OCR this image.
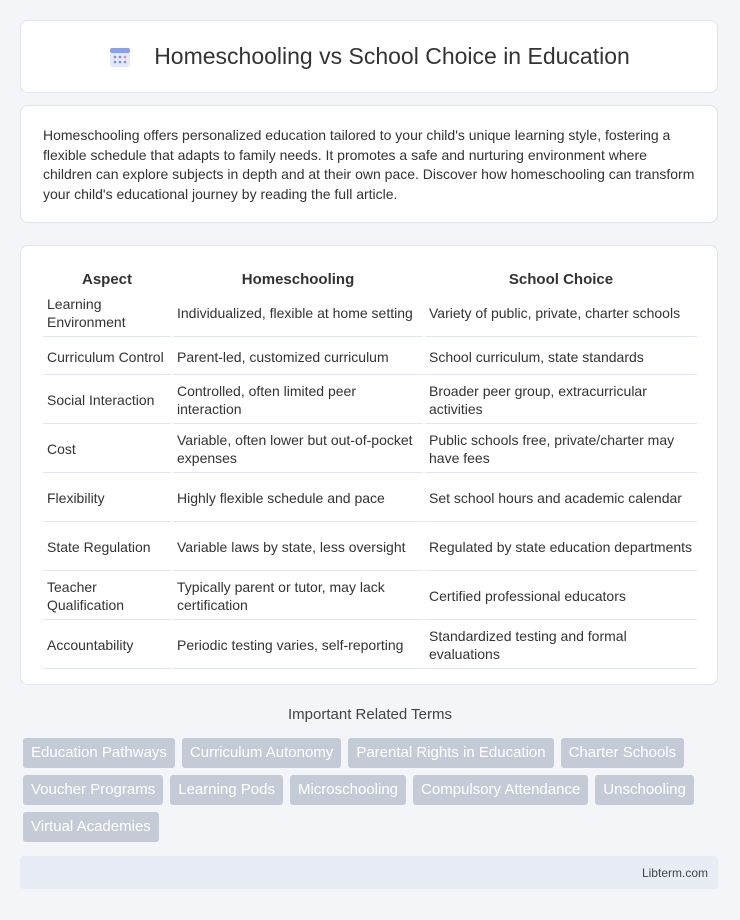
Homeschooling vs School Choice in Education

Homeschooling offers personalized education tailored to your child's unique learning style, fostering a flexible schedule that adapts to family needs. It promotes a safe and nurturing environment where children can explore subjects in depth and at their own pace. Discover how homeschooling can transform your child's educational journey by reading the full article.

Aspect	Homeschooling	School Choice
Learning Environment	Individualized, flexible at home setting	Variety of public, private, charter schools
Curriculum Control	Parent-led, customized curriculum	School curriculum, state standards
Social Interaction	Controlled, often limited peer interaction	Broader peer group, extracurricular activities
Cost	Variable, often lower but out-of-pocket expenses	Public schools free, private/charter may have fees
Flexibility	Highly flexible schedule and pace	Set school hours and academic calendar
State Regulation	Variable laws by state, less oversight	Regulated by state education departments
Teacher Qualification	Typically parent or tutor, may lack certification	Certified professional educators
Accountability	Periodic testing varies, self-reporting	Standardized testing and formal evaluations
Important Related Terms
Education Pathways	Curriculum Autonomy	Parental Rights in Education	Charter Schools
Voucher Programs	Learning Pods	Microschooling	Compulsory Attendance	Unschooling
Virtual Academies
Libterm.com
